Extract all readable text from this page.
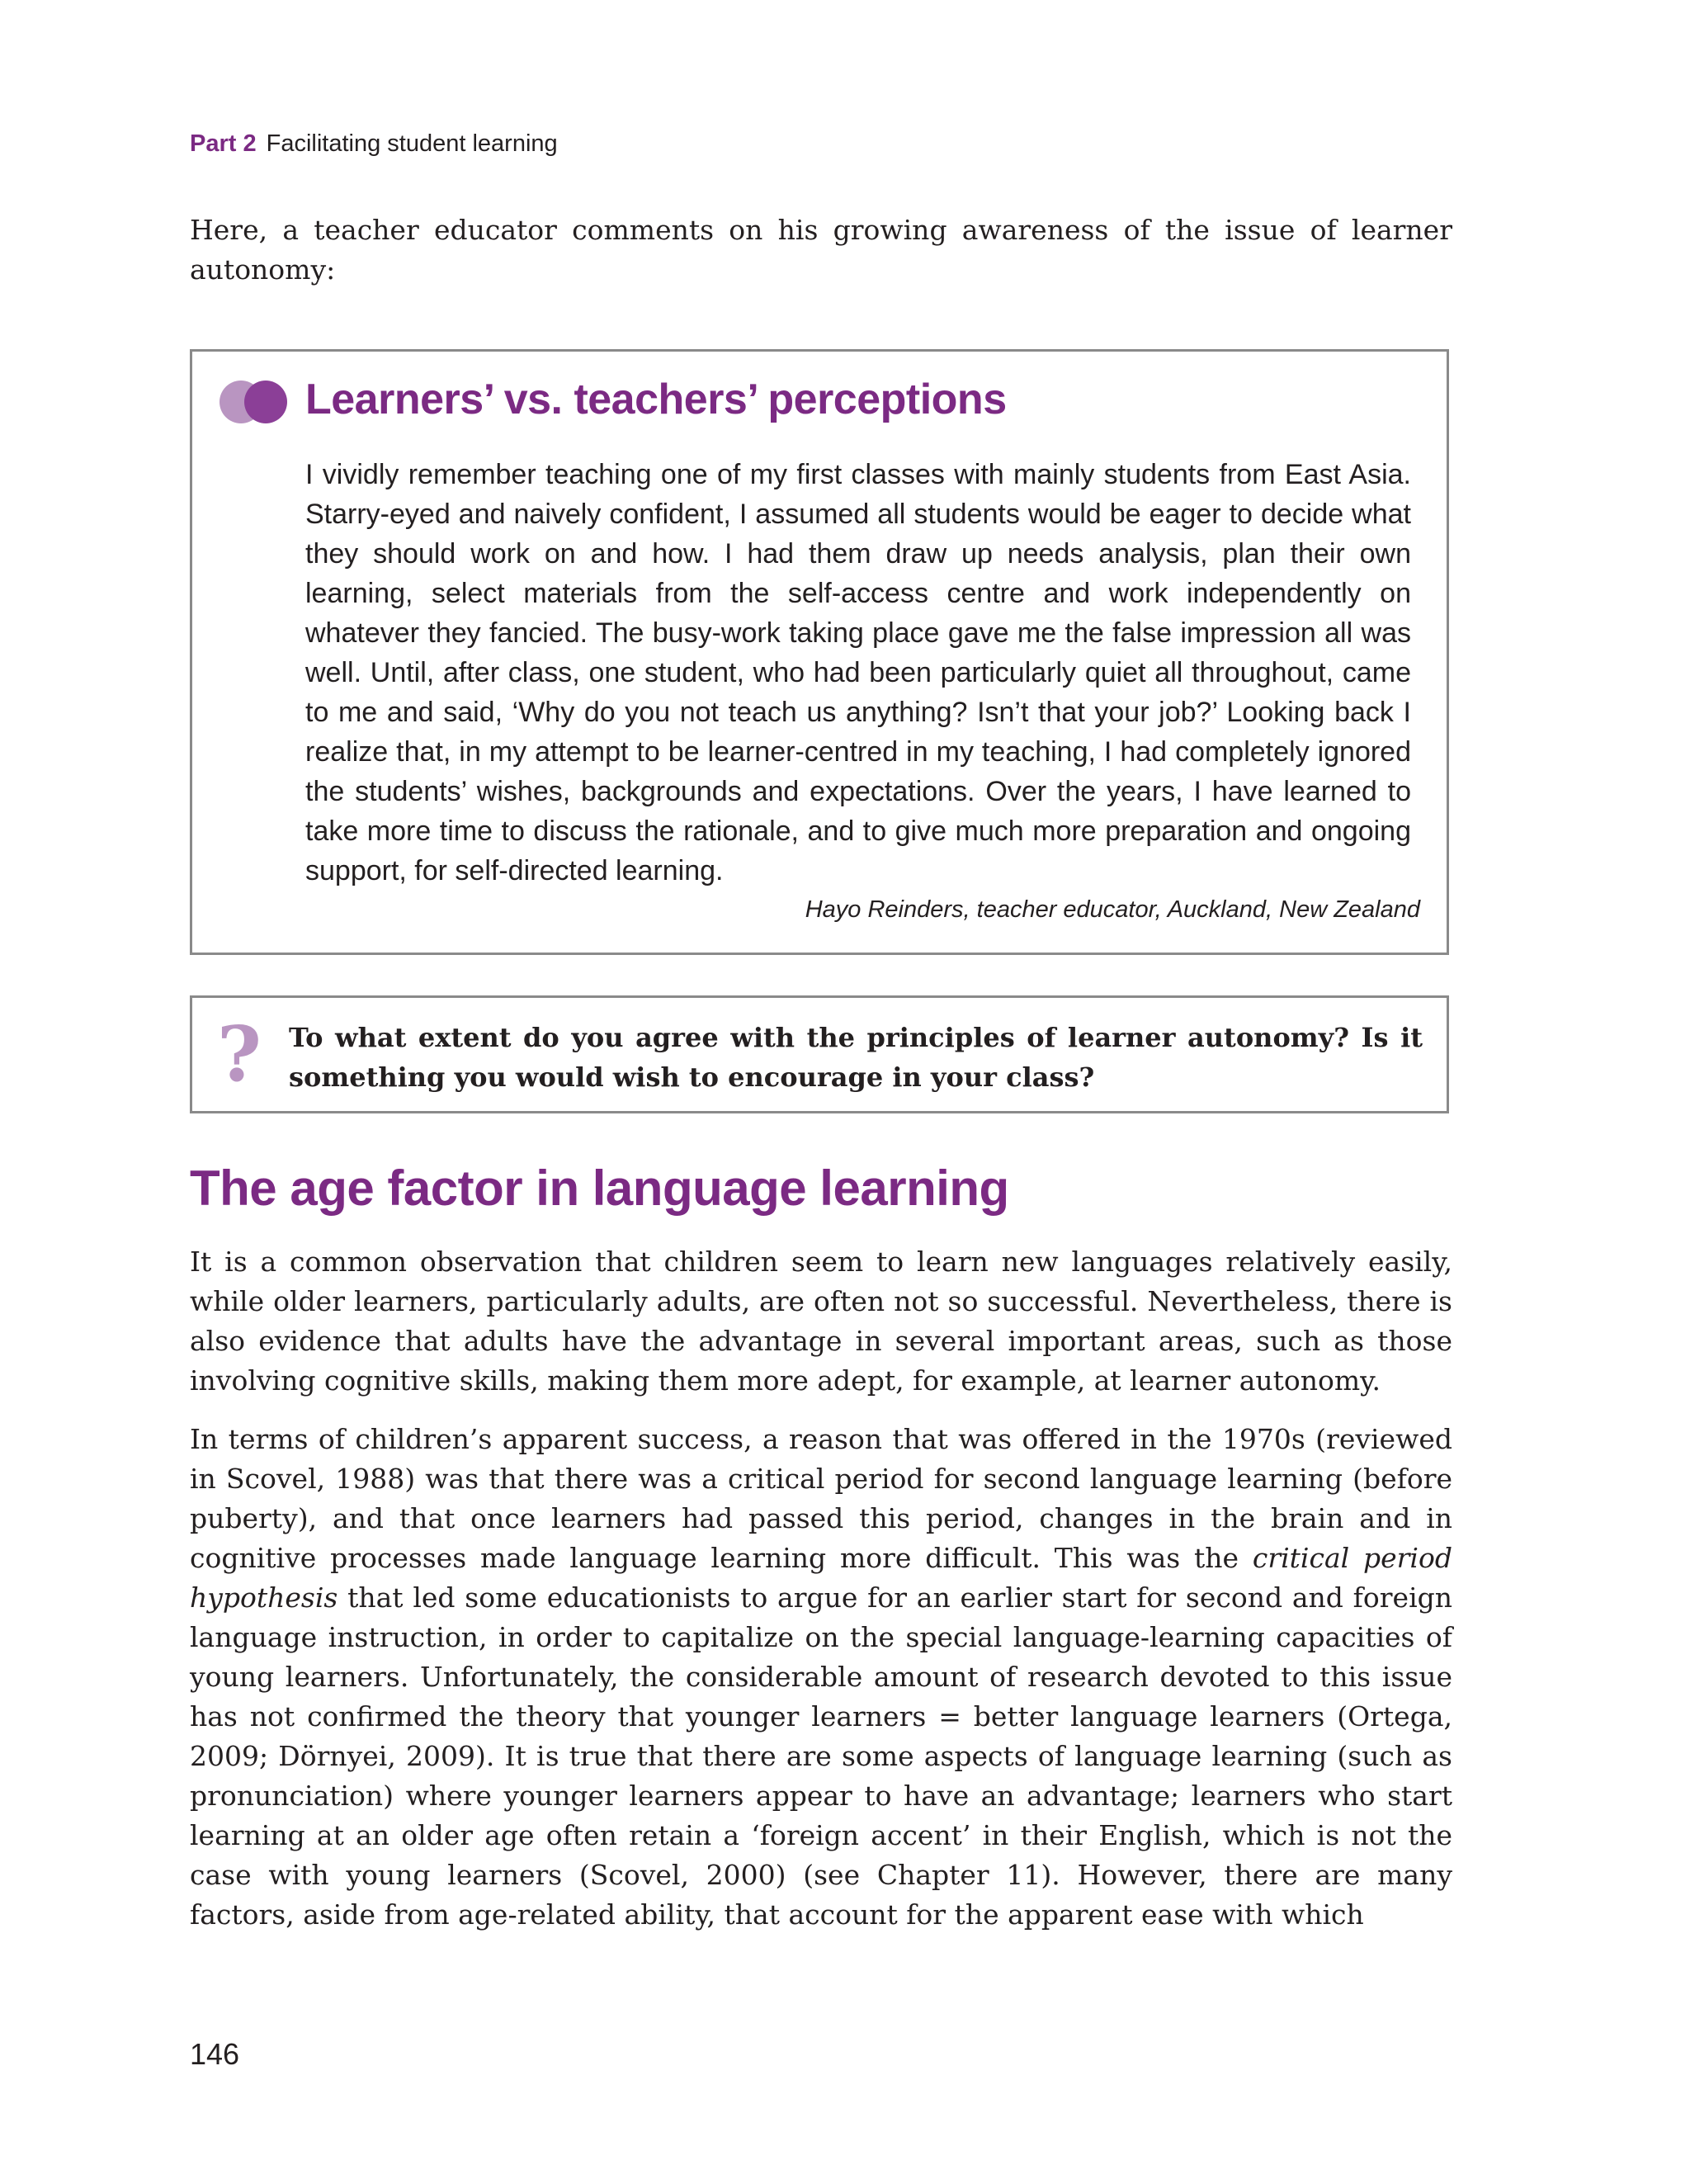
Part 2 Facilitating student learning

Here, a teacher educator comments on his growing awareness of the issue of learner autonomy:

Learners’ vs. teachers’ perceptions

I vividly remember teaching one of my first classes with mainly students from East Asia. Starry-eyed and naively confident, I assumed all students would be eager to decide what they should work on and how. I had them draw up needs analysis, plan their own learning, select materials from the self-access centre and work independently on whatever they fancied. The busy-work taking place gave me the false impression all was well. Until, after class, one student, who had been particularly quiet all throughout, came to me and said, ‘Why do you not teach us anything? Isn’t that your job?’ Looking back I realize that, in my attempt to be learner-centred in my teaching, I had completely ignored the students’ wishes, backgrounds and expectations. Over the years, I have learned to take more time to discuss the rationale, and to give much more preparation and ongoing support, for self-directed learning.

Hayo Reinders, teacher educator, Auckland, New Zealand

? To what extent do you agree with the principles of learner autonomy? Is it something you would wish to encourage in your class?

The age factor in language learning

It is a common observation that children seem to learn new languages relatively easily, while older learners, particularly adults, are often not so successful. Nevertheless, there is also evidence that adults have the advantage in several important areas, such as those involving cognitive skills, making them more adept, for example, at learner autonomy.

In terms of children’s apparent success, a reason that was offered in the 1970s (reviewed in Scovel, 1988) was that there was a critical period for second language learning (before puberty), and that once learners had passed this period, changes in the brain and in cognitive processes made language learning more difficult. This was the critical period hypothesis that led some educationists to argue for an earlier start for second and foreign language instruction, in order to capitalize on the special language-learning capacities of young learners. Unfortunately, the considerable amount of research devoted to this issue has not confirmed the theory that younger learners = better language learners (Ortega, 2009; Dörnyei, 2009). It is true that there are some aspects of language learning (such as pronunciation) where younger learners appear to have an advantage; learners who start learning at an older age often retain a ‘foreign accent’ in their English, which is not the case with young learners (Scovel, 2000) (see Chapter 11). However, there are many factors, aside from age-related ability, that account for the apparent ease with which

146
